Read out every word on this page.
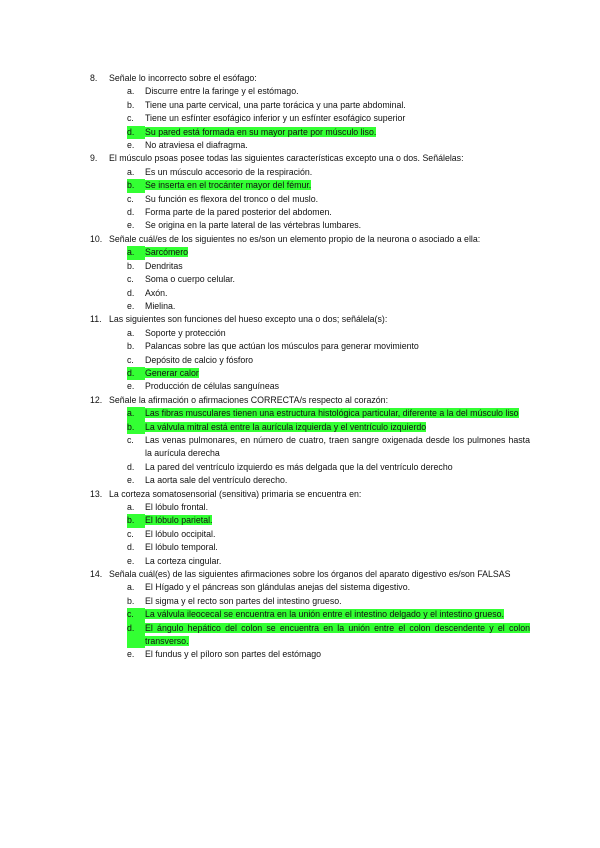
8.	Señale lo incorrecto sobre el esófago:
a.	Discurre entre la faringe y el estómago.
b.	Tiene una parte cervical, una parte torácica y una parte abdominal.
c.	Tiene un esfínter esofágico inferior y un esfínter esofágico superior
d.	Su pared está formada en su mayor parte por músculo liso.
e.	No atraviesa el diafragma.
9.	El músculo psoas posee todas las siguientes características excepto una o dos. Señálelas:
a.	Es un músculo accesorio de la respiración.
b.	Se inserta en el trocánter mayor del fémur.
c.	Su función es flexora del tronco o del muslo.
d.	Forma parte de la pared posterior del abdomen.
e.	Se origina en la parte lateral de las vértebras lumbares.
10. Señale cuál/es de los siguientes no es/son un elemento propio de la neurona o asociado a ella:
a.	Sarcómero
b.	Dendritas
c.	Soma o cuerpo celular.
d.	Axón.
e.	Mielina.
11. Las siguientes son funciones del hueso excepto una o dos; señálela(s):
a.	Soporte y protección
b.	Palancas sobre las que actúan los músculos para generar movimiento
c.	Depósito de calcio y fósforo
d.	Generar calor
e.	Producción de células sanguíneas
12. Señale la afirmación o afirmaciones CORRECTA/s respecto al corazón:
a.	Las fibras musculares tienen una estructura histológica particular, diferente a la del músculo liso
b.	La válvula mitral está entre la aurícula izquierda y el ventrículo izquierdo
c.	Las venas pulmonares, en número de cuatro, traen sangre oxigenada desde los pulmones hasta la aurícula derecha
d.	La pared del ventrículo izquierdo es más delgada que la del ventrículo derecho
e.	La aorta sale del ventrículo derecho.
13. La corteza somatosensorial (sensitiva) primaria se encuentra en:
a.	El lóbulo frontal.
b.	El lóbulo parietal.
c.	El lóbulo occipital.
d.	El lóbulo temporal.
e.	La corteza cingular.
14. Señala cuál(es) de las siguientes afirmaciones sobre los órganos del aparato digestivo es/son FALSAS
a.	El Hígado y el páncreas son glándulas anejas del sistema digestivo.
b.	El sigma y el recto son partes del intestino grueso.
c.	La válvula ileocecal se encuentra en la unión entre el intestino delgado y el intestino grueso.
d.	El ángulo hepático del colon se encuentra en la unión entre el colon descendente y el colon transverso.
e.	El fundus y el píloro son partes del estómago
